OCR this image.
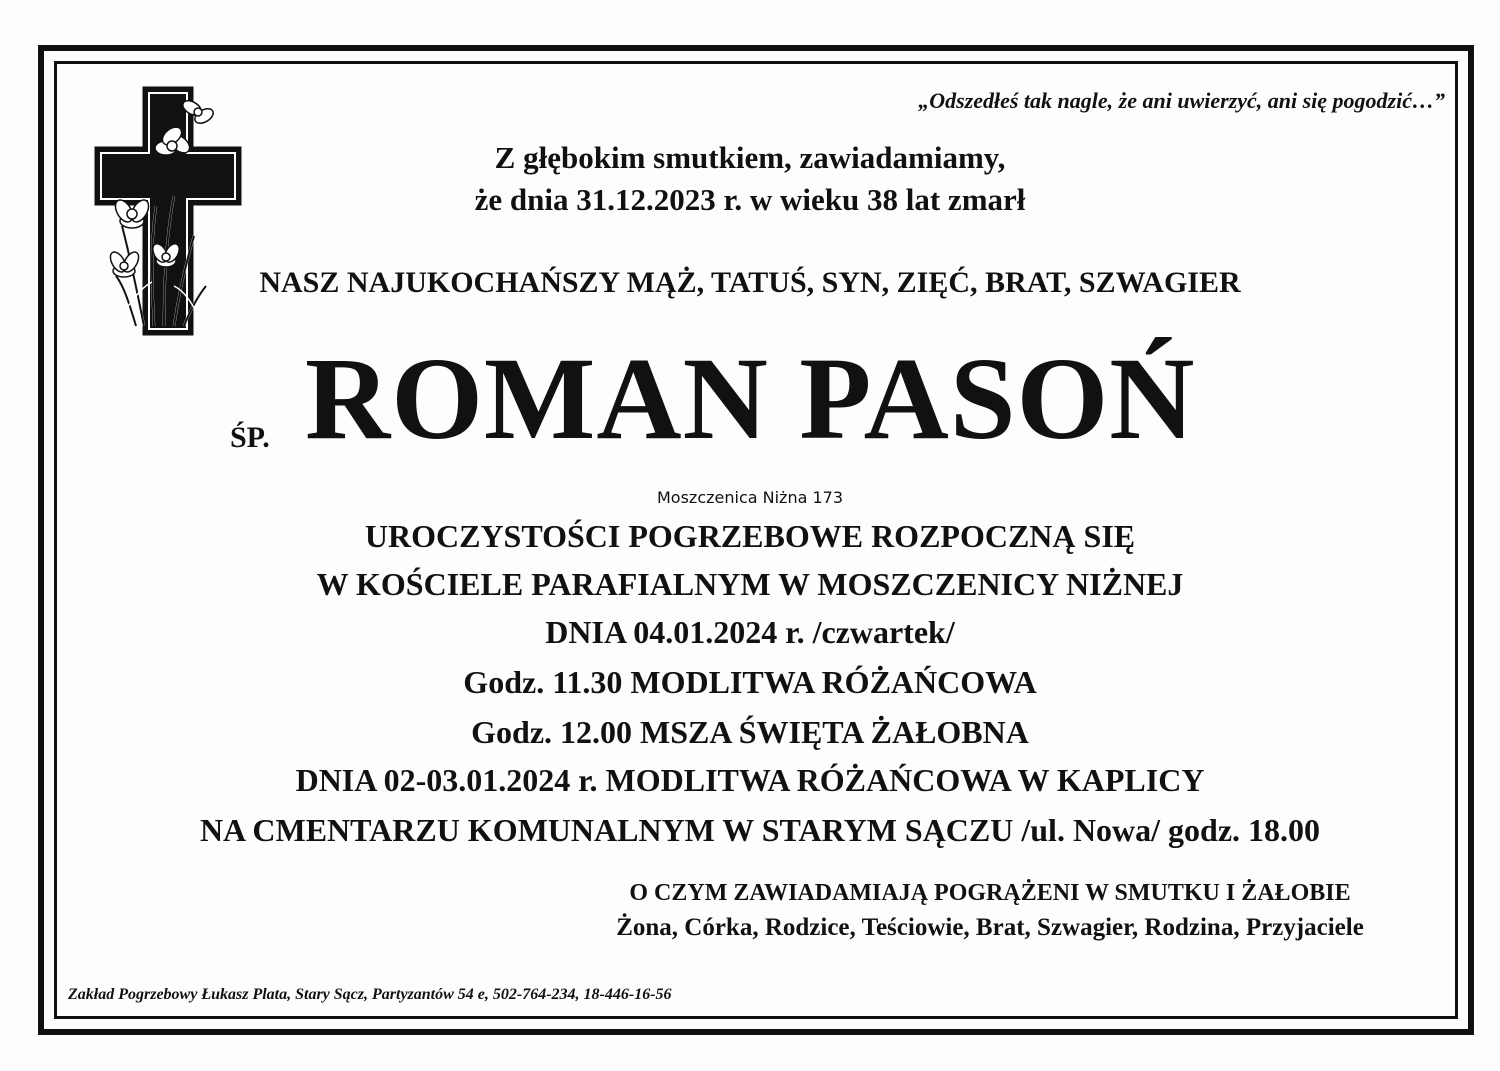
„Odszedłeś tak nagle, że ani uwierzyć, ani się pogodzić…”
Z głębokim smutkiem, zawiadamiamy,
że dnia 31.12.2023 r. w wieku 38 lat zmarł
NASZ NAJUKOCHAŃSZY MĄŻ, TATUŚ, SYN, ZIĘĆ, BRAT, SZWAGIER
ŚP. ROMAN PASOŃ
Moszczenica Niżna 173
UROCZYSTOŚCI POGRZEBOWE ROZPOCZNĄ SIĘ
W KOŚCIELE PARAFIALNYM W MOSZCZENICY NIŻNEJ
DNIA 04.01.2024 r. /czwartek/
Godz. 11.30 MODLITWA RÓŻAŃCOWA
Godz. 12.00 MSZA ŚWIĘTA ŻAŁOBNA
DNIA 02-03.01.2024 r. MODLITWA RÓŻAŃCOWA W KAPLICY
NA CMENTARZU KOMUNALNYM W STARYM SĄCZU /ul. Nowa/ godz. 18.00
O CZYM ZAWIADAMIAJĄ POGRĄŻENI W SMUTKU I ŻAŁOBIE
Żona, Córka, Rodzice, Teściowie, Brat, Szwagier, Rodzina, Przyjaciele
Zakład Pogrzebowy Łukasz Plata, Stary Sącz, Partyzantów 54 e, 502-764-234, 18-446-16-56
